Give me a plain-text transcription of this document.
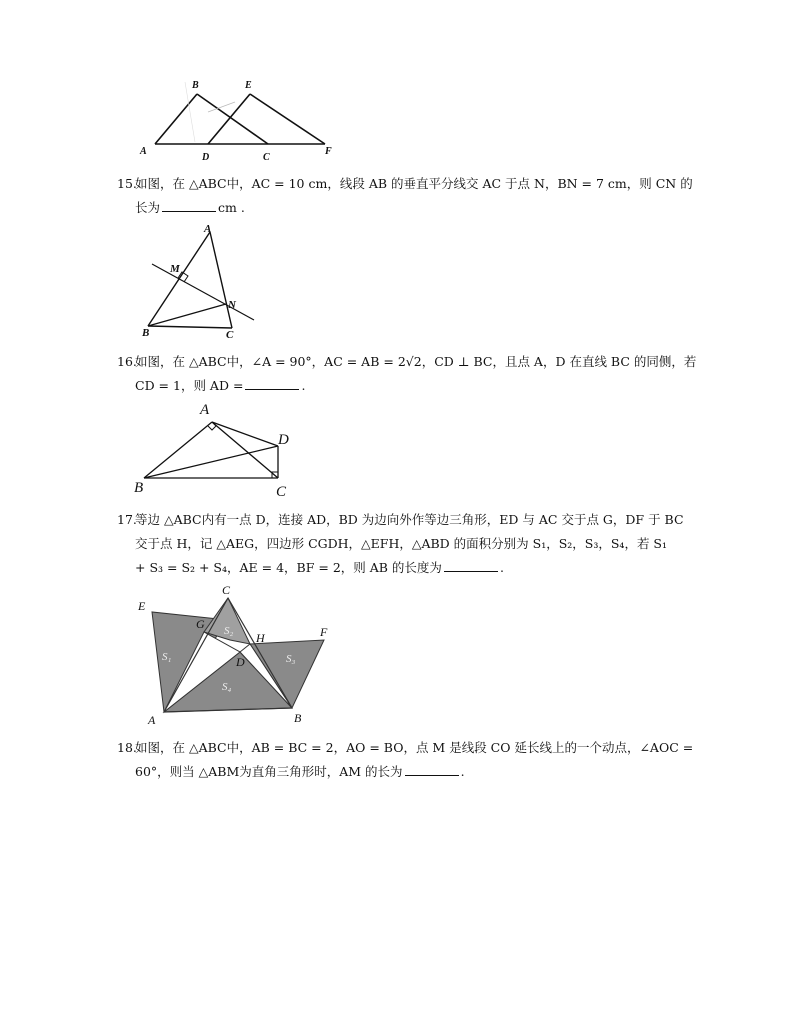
A
B
D	C
E
F
15.
如图，在 △ABC中，AC = 10 cm，线段 AB 的垂直平分线交 AC 于点 N，BN = 7 cm，则 CN 的
长为	cm .
A
M
N
B	C
16.
如图，在 △ABC中，∠A = 90°，AC = AB = 2√2，CD ⊥ BC，且点 A，D 在直线 BC 的同侧，若
CD = 1，则 AD =	.
A
D
B	C
17.
等边 △ABC内有一点 D，连接 AD，BD 为边向外作等边三角形，ED 与 AC 交于点 G，DF 于 BC
交于点 H，记 △AEG，四边形 CGDH，△EFH，△ABD 的面积分别为 S₁，S₂，S₃，S₄，若 S₁
+ S₃ = S₂ + S₄，AE = 4，BF = 2，则 AB 的长度为	.
C
E
G S₂ H	F
S₁	D	S₃
S₄
A	B
18.
如图，在 △ABC中，AB = BC = 2，AO = BO，点 M 是线段 CO 延长线上的一个动点，∠AOC =
60°，则当 △ABM为直角三角形时，AM 的长为	.
